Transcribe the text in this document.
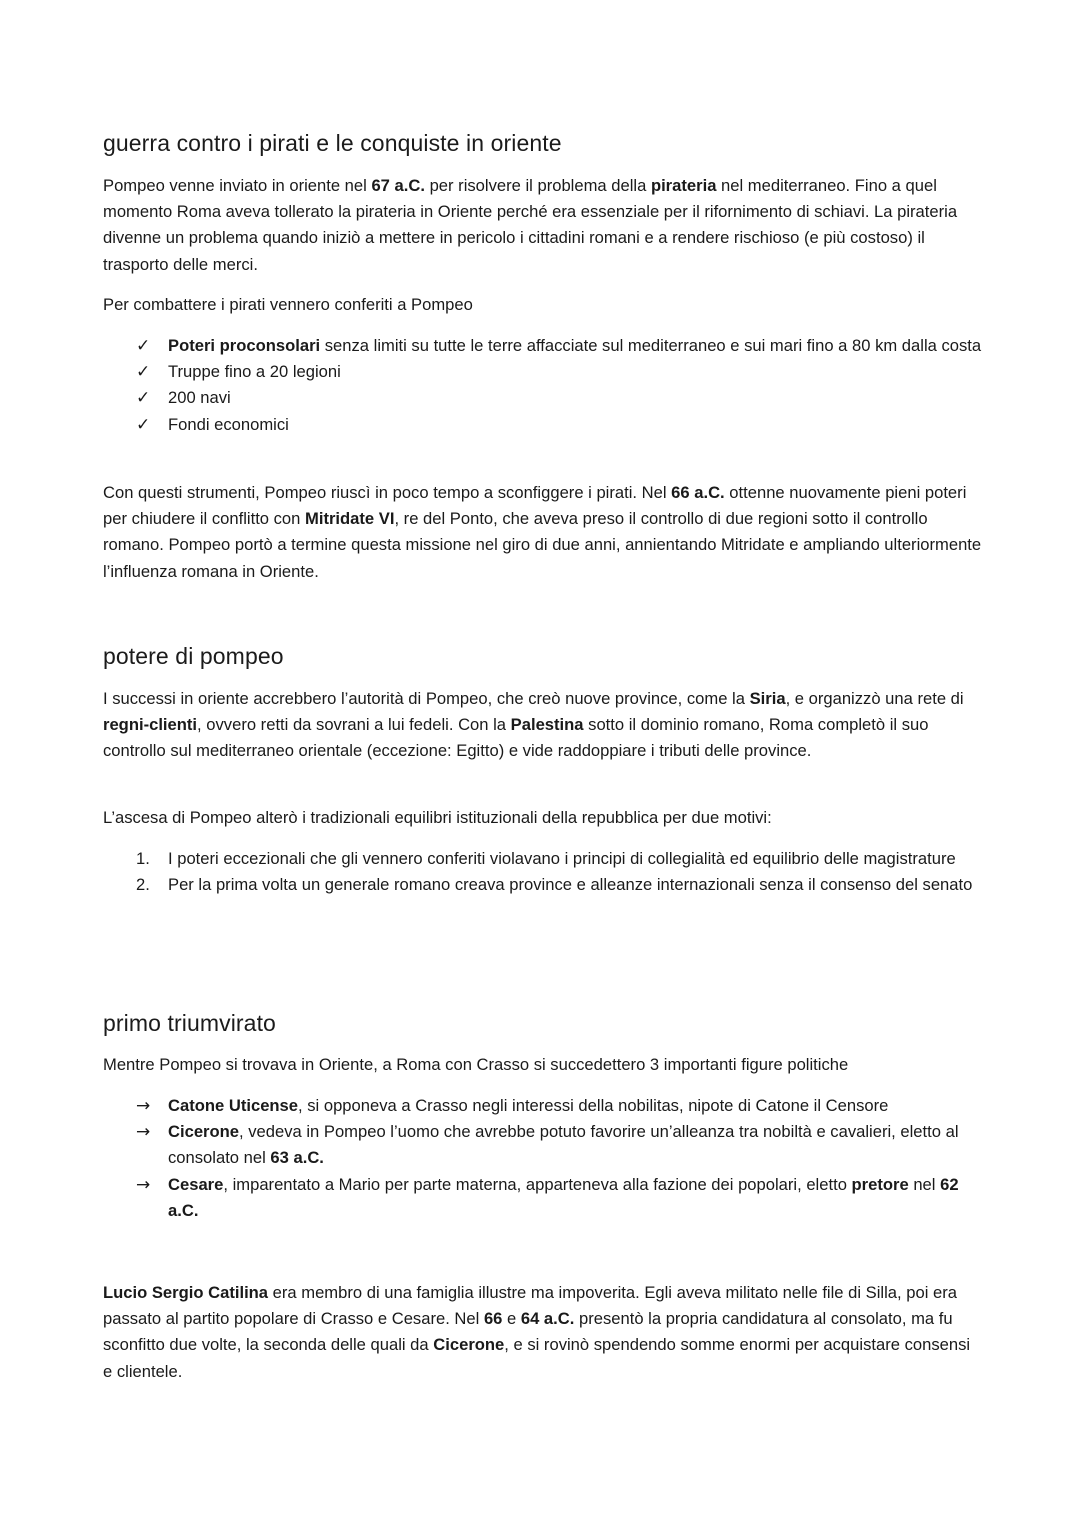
guerra contro i pirati e le conquiste in oriente

Pompeo venne inviato in oriente nel 67 a.C. per risolvere il problema della pirateria nel mediterraneo. Fino a quel momento Roma aveva tollerato la pirateria in Oriente perché era essenziale per il rifornimento di schiavi. La pirateria divenne un problema quando iniziò a mettere in pericolo i cittadini romani e a rendere rischioso (e più costoso) il trasporto delle merci.

Per combattere i pirati vennero conferiti a Pompeo

✓	Poteri proconsolari senza limiti su tutte le terre affacciate sul mediterraneo e sui mari fino a 80 km dalla costa
✓	Truppe fino a 20 legioni
✓	200 navi
✓	Fondi economici

Con questi strumenti, Pompeo riuscì in poco tempo a sconfiggere i pirati. Nel 66 a.C. ottenne nuovamente pieni poteri per chiudere il conflitto con Mitridate VI, re del Ponto, che aveva preso il controllo di due regioni sotto il controllo romano. Pompeo portò a termine questa missione nel giro di due anni, annientando Mitridate e ampliando ulteriormente l’influenza romana in Oriente.

potere di pompeo

I successi in oriente accrebbero l’autorità di Pompeo, che creò nuove province, come la Siria, e organizzò una rete di regni-clienti, ovvero retti da sovrani a lui fedeli. Con la Palestina sotto il dominio romano, Roma completò il suo controllo sul mediterraneo orientale (eccezione: Egitto) e vide raddoppiare i tributi delle province.

L’ascesa di Pompeo alterò i tradizionali equilibri istituzionali della repubblica per due motivi:

1. I poteri eccezionali che gli vennero conferiti violavano i principi di collegialità ed equilibrio delle magistrature
2. Per la prima volta un generale romano creava province e alleanze internazionali senza il consenso del senato
primo triumvirato

Mentre Pompeo si trovava in Oriente, a Roma con Crasso si succedettero 3 importanti figure politiche

→	Catone Uticense, si opponeva a Crasso negli interessi della nobilitas, nipote di Catone il Censore
→	Cicerone, vedeva in Pompeo l’uomo che avrebbe potuto favorire un’alleanza tra nobiltà e cavalieri, eletto al consolato nel 63 a.C.
→	Cesare, imparentato a Mario per parte materna, apparteneva alla fazione dei popolari, eletto pretore nel 62 a.C.

Lucio Sergio Catilina era membro di una famiglia illustre ma impoverita. Egli aveva militato nelle file di Silla, poi era passato al partito popolare di Crasso e Cesare. Nel 66 e 64 a.C. presentò la propria candidatura al consolato, ma fu sconfitto due volte, la seconda delle quali da Cicerone, e si rovinò spendendo somme enormi per acquistare consensi e clientele.
